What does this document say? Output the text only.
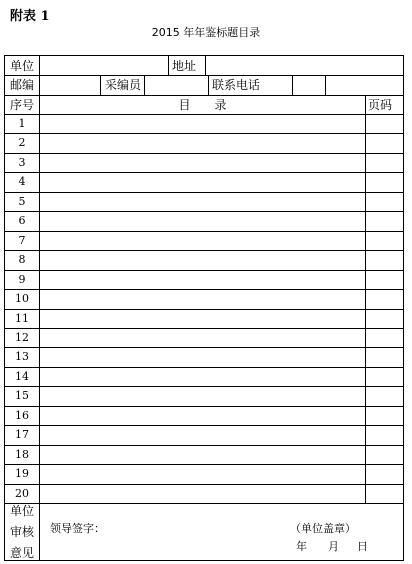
附表 1
2015 年年鉴标题目录
单位	地址
邮编	采编员	联系电话
序号	目　　录	页码
1
2
3
4
5
6
7
8
9
10
11
12
13
14
15
16
17
18
19
20
单位
审核
意见
领导签字：	（单位盖章）
年 月 日
